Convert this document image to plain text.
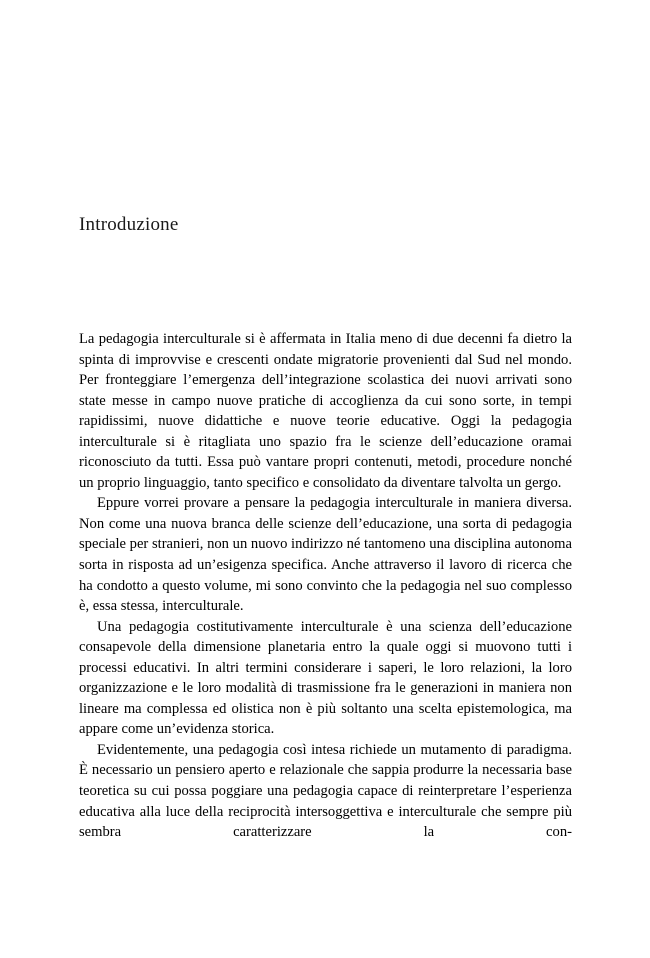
Introduzione

La pedagogia interculturale si è affermata in Italia meno di due decenni fa dietro la spinta di improvvise e crescenti ondate migratorie provenienti dal Sud nel mondo. Per fronteggiare l’emergenza dell’integrazione scolastica dei nuovi arrivati sono state messe in campo nuove pratiche di accoglienza da cui sono sorte, in tempi rapidissimi, nuove didattiche e nuove teorie educative. Oggi la pedagogia interculturale si è ritagliata uno spazio fra le scienze dell’educazione oramai riconosciuto da tutti. Essa può vantare propri contenuti, metodi, procedure nonché un proprio linguaggio, tanto specifico e consolidato da diventare talvolta un gergo.

Eppure vorrei provare a pensare la pedagogia interculturale in maniera diversa. Non come una nuova branca delle scienze dell’educazione, una sorta di pedagogia speciale per stranieri, non un nuovo indirizzo né tantomeno una disciplina autonoma sorta in risposta ad un’esigenza specifica. Anche attraverso il lavoro di ricerca che ha condotto a questo volume, mi sono convinto che la pedagogia nel suo complesso è, essa stessa, interculturale.

Una pedagogia costitutivamente interculturale è una scienza dell’educazione consapevole della dimensione planetaria entro la quale oggi si muovono tutti i processi educativi. In altri termini considerare i saperi, le loro relazioni, la loro organizzazione e le loro modalità di trasmissione fra le generazioni in maniera non lineare ma complessa ed olistica non è più soltanto una scelta epistemologica, ma appare come un’evidenza storica.

Evidentemente, una pedagogia così intesa richiede un mutamento di paradigma. È necessario un pensiero aperto e relazionale che sappia produrre la necessaria base teoretica su cui possa poggiare una pedagogia capace di reinterpretare l’esperienza educativa alla luce della reciprocità intersoggettiva e interculturale che sempre più sembra caratterizzare la con-
